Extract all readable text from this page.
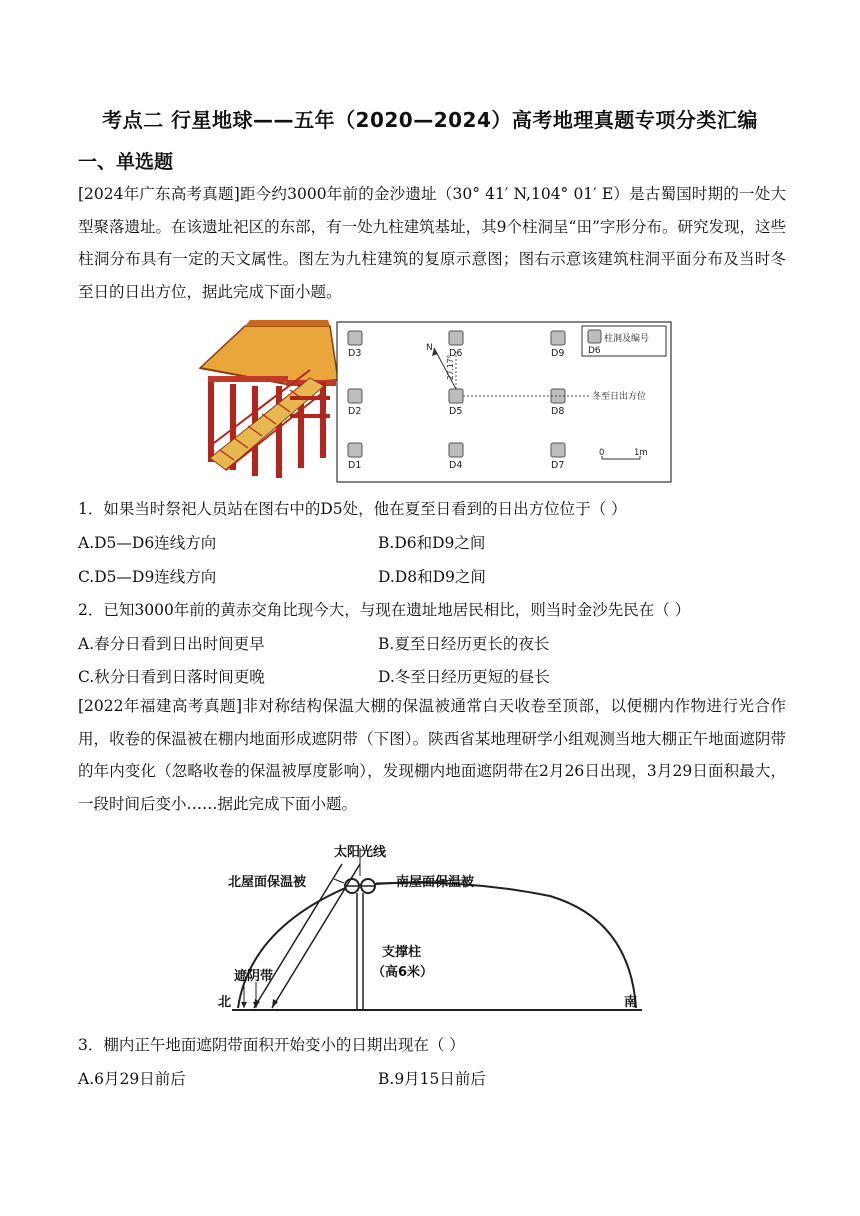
考点二 行星地球——五年（2020—2024）高考地理真题专项分类汇编
一、单选题
[2024年广东高考真题]距今约3000年前的金沙遗址（30° 41′ N,104° 01′ E）是古蜀国时期的一处大型聚落遗址。在该遗址祀区的东部，有一处九柱建筑基址，其9个柱洞呈“田”字形分布。研究发现，这些柱洞分布具有一定的天文属性。图左为九柱建筑的复原示意图；图右示意该建筑柱洞平面分布及当时冬至日的日出方位，据此完成下面小题。
D3	D6	D9
D2	D5	D8
D1	D4	D7
N
27.17°
冬至日出方位
柱洞及编号
D6
0	1m
1．如果当时祭祀人员站在图右中的D5处，他在夏至日看到的日出方位位于（ ）
A.D5—D6连线方向	B.D6和D9之间
C.D5—D9连线方向	D.D8和D9之间
2．已知3000年前的黄赤交角比现今大，与现在遗址地居民相比，则当时金沙先民在（ ）
A.春分日看到日出时间更早	B.夏至日经历更长的夜长
C.秋分日看到日落时间更晚	D.冬至日经历更短的昼长
[2022年福建高考真题]非对称结构保温大棚的保温被通常白天收卷至顶部，以便棚内作物进行光合作用，收卷的保温被在棚内地面形成遮阴带（下图）。陕西省某地理研学小组观测当地大棚正午地面遮阴带的年内变化（忽略收卷的保温被厚度影响），发现棚内地面遮阴带在2月26日出现，3月29日面积最大，一段时间后变小……据此完成下面小题。
太阳光线
北屋面保温被	南屋面保温被
遮阴带
支撑柱
（高6米）
北	南
3．棚内正午地面遮阴带面积开始变小的日期出现在（ ）
A.6月29日前后	B.9月15日前后
